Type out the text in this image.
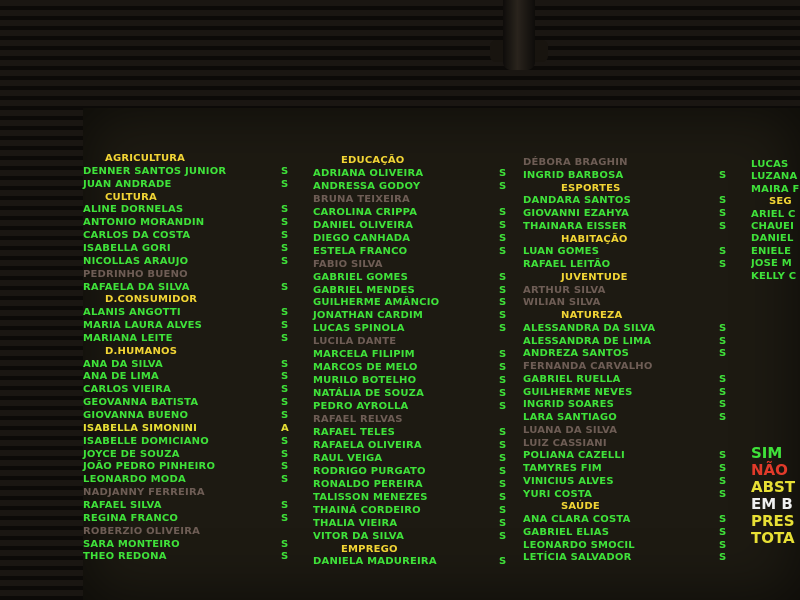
AGRICULTURA
DENNER SANTOS JUNIOR	S
JUAN ANDRADE	S
CULTURA
ALINE DORNELAS	S
ANTONIO MORANDIN	S
CARLOS DA COSTA	S
ISABELLA GORI	S
NICOLLAS ARAUJO	S
PEDRINHO BUENO
RAFAELA DA SILVA	S
D.CONSUMIDOR
ALANIS ANGOTTI	S
MARIA LAURA ALVES	S
MARIANA LEITE	S
D.HUMANOS
ANA DA SILVA	S
ANA DE LIMA	S
CARLOS VIEIRA	S
GEOVANNA BATISTA	S
GIOVANNA BUENO	S
ISABELLA SIMONINI	A
ISABELLE DOMICIANO	S
JOYCE DE SOUZA	S
JOÃO PEDRO PINHEIRO	S
LEONARDO MODA	S
NADJANNY FERREIRA
RAFAEL SILVA	S
REGINA FRANCO	S
ROBERZIO OLIVEIRA
SARA MONTEIRO	S
THEO REDONA	S
EDUCAÇÃO
ADRIANA OLIVEIRA	S
ANDRESSA GODOY	S
BRUNA TEIXEIRA
CAROLINA CRIPPA	S
DANIEL OLIVEIRA	S
DIEGO CANHADA	S
ESTELA FRANCO	S
FABIO SILVA
GABRIEL GOMES	S
GABRIEL MENDES	S
GUILHERME AMÂNCIO	S
JONATHAN CARDIM	S
LUCAS SPINOLA	S
LUCILA DANTE
MARCELA FILIPIM	S
MARCOS DE MELO	S
MURILO BOTELHO	S
NATÁLIA DE SOUZA	S
PEDRO AYROLLA	S
RAFAEL RELVAS
RAFAEL TELES	S
RAFAELA OLIVEIRA	S
RAUL VEIGA	S
RODRIGO PURGATO	S
RONALDO PEREIRA	S
TALISSON MENEZES	S
THAINÁ CORDEIRO	S
THALIA VIEIRA	S
VITOR DA SILVA	S
EMPREGO
DANIELA MADUREIRA	S
DÉBORA BRAGHIN
INGRID BARBOSA	S
ESPORTES
DANDARA SANTOS	S
GIOVANNI EZAHYA	S
THAINARA EISSER	S
HABITAÇÃO
LUAN GOMES	S
RAFAEL LEITÃO	S
JUVENTUDE
ARTHUR SILVA
WILIAN SILVA
NATUREZA
ALESSANDRA DA SILVA	S
ALESSANDRA DE LIMA	S
ANDREZA SANTOS	S
FERNANDA CARVALHO
GABRIEL RUELLA	S
GUILHERME NEVES	S
INGRID SOARES	S
LARA SANTIAGO	S
LUANA DA SILVA
LUIZ CASSIANI
POLIANA CAZELLI	S
TAMYRES FIM	S
VINICIUS ALVES	S
YURI COSTA	S
SAÚDE
ANA CLARA COSTA	S
GABRIEL ELIAS	S
LEONARDO SMOCIL	S
LETÍCIA SALVADOR	S
LUCAS
LUZANA
MAIRA F
SEG
ARIEL C
CHAUEI
DANIEL
ENIELE
JOSE M
KELLY C
SIM
NÃO
ABST
EM B
PRES
TOTA
